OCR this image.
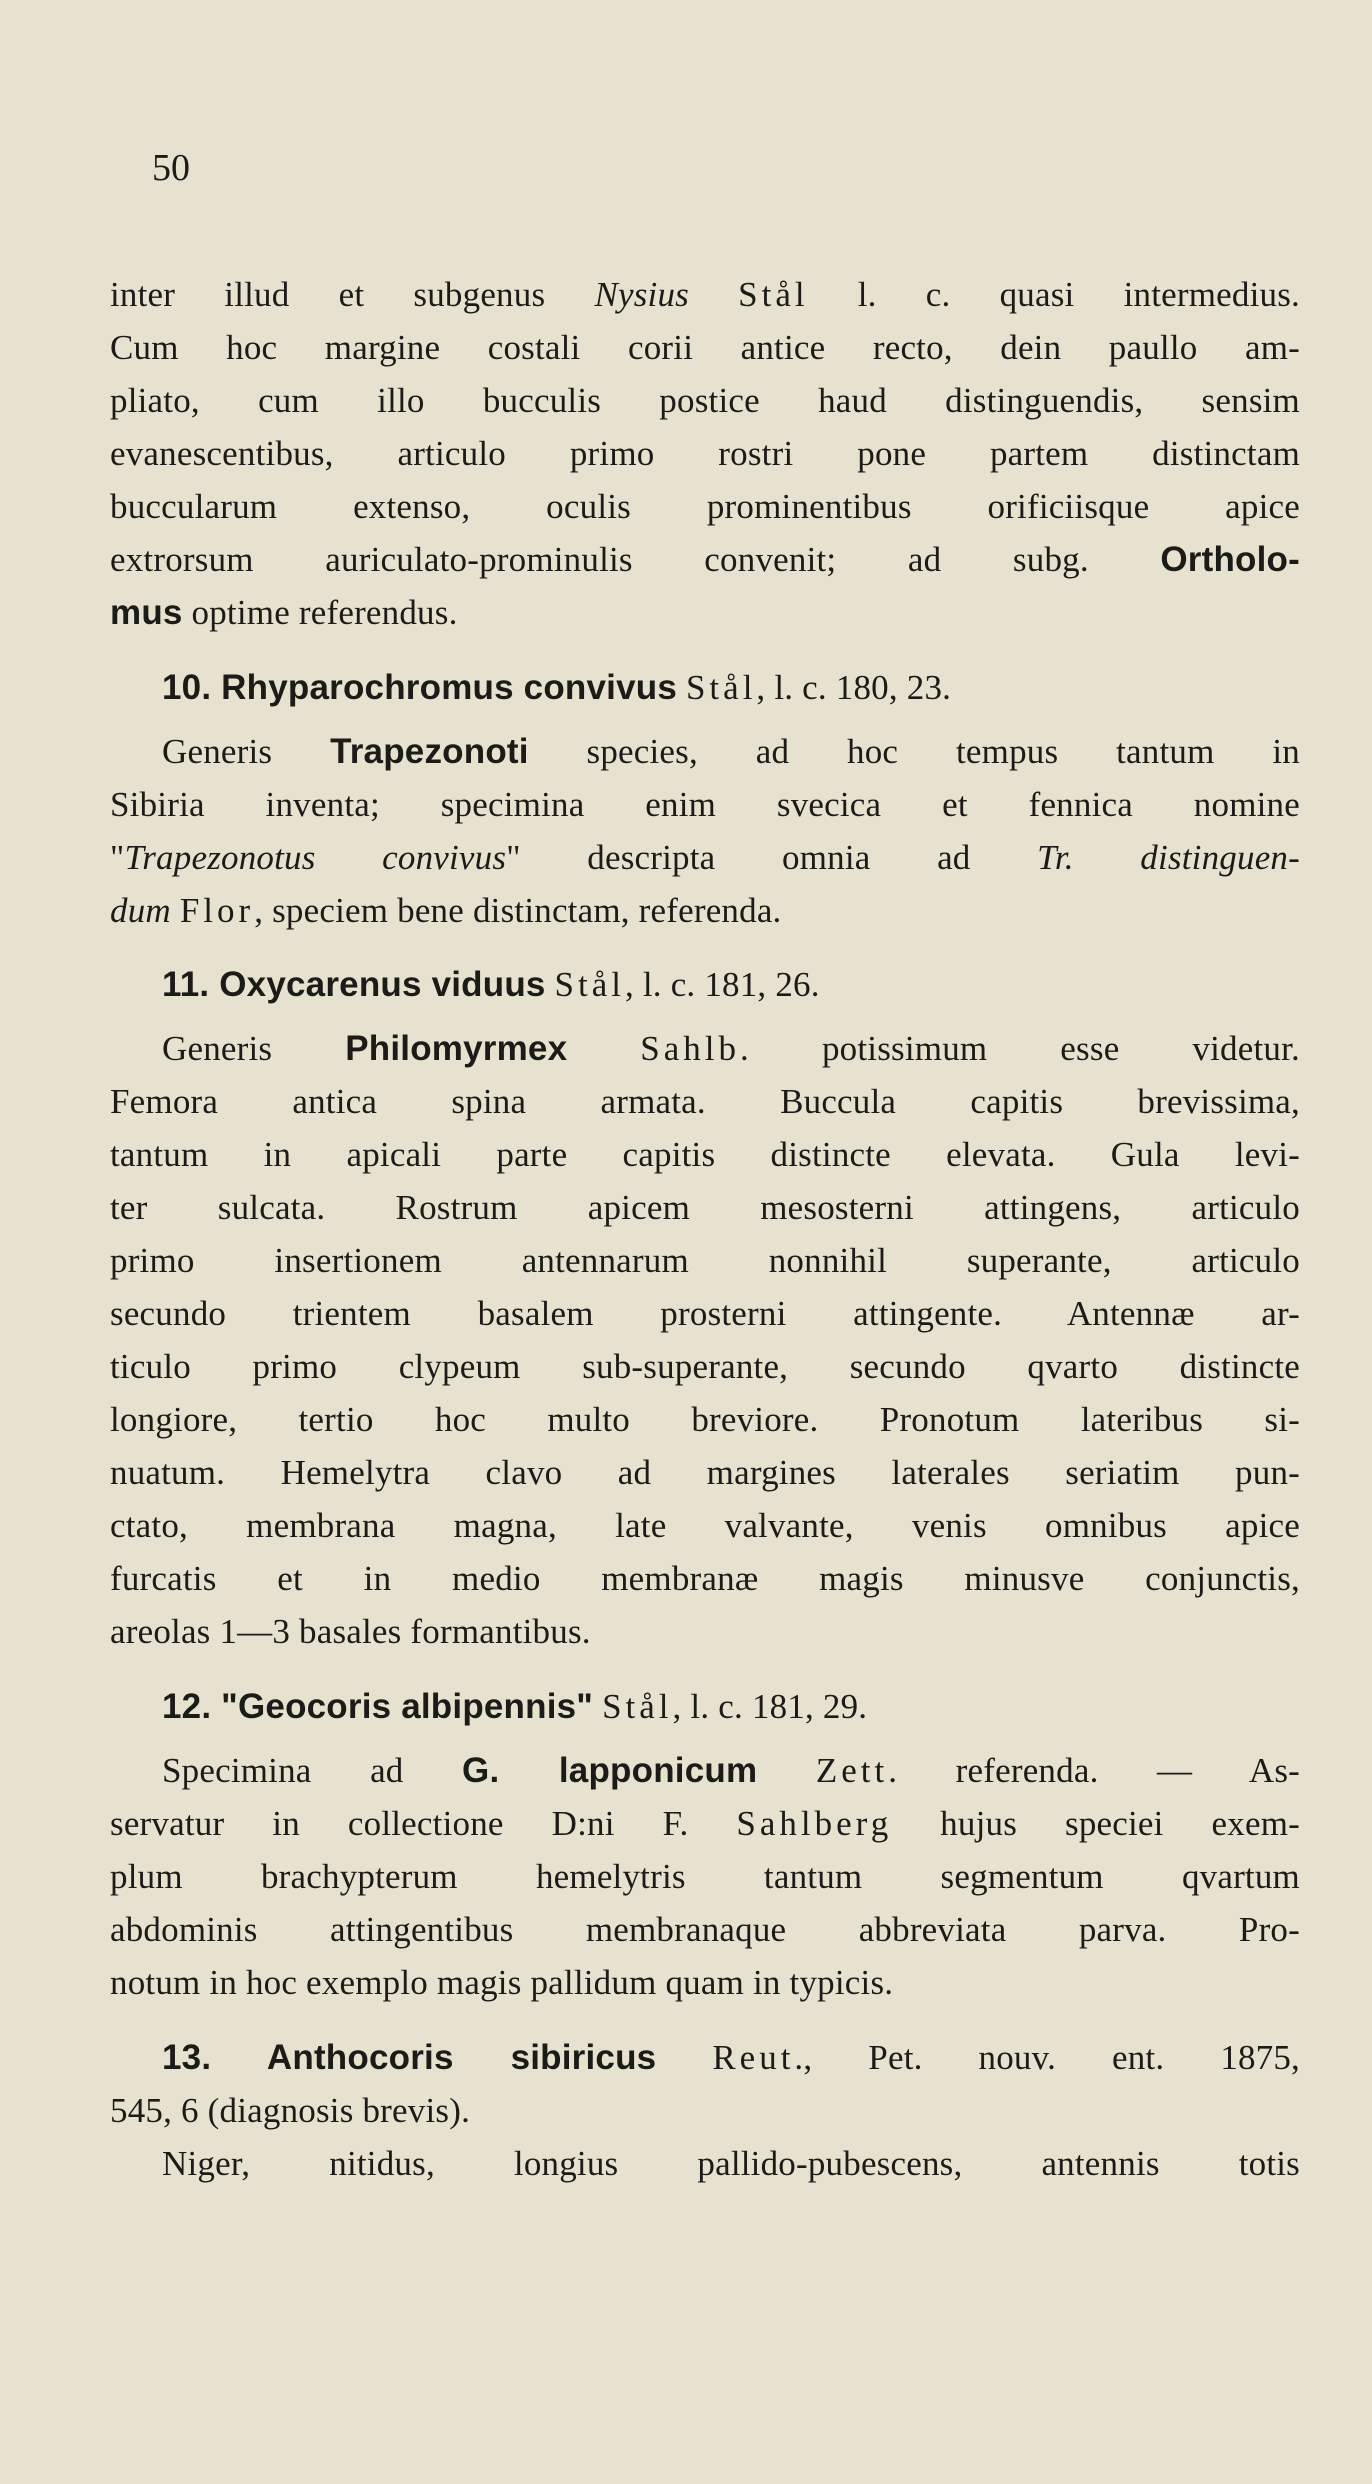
50
inter illud et subgenus Nysius Stål l. c. quasi intermedius.
Cum hoc margine costali corii antice recto, dein paullo am-
pliato, cum illo bucculis postice haud distinguendis, sensim
evanescentibus, articulo primo rostri pone partem distinctam
buccularum extenso, oculis prominentibus orificiisque apice
extrorsum auriculato-prominulis convenit; ad subg. Ortholo-
mus optime referendus.
10. Rhyparochromus convivus Stål, l. c. 180, 23.
Generis Trapezonoti species, ad hoc tempus tantum in
Sibiria inventa; specimina enim svecica et fennica nomine
"Trapezonotus convivus" descripta omnia ad Tr. distinguen-
dum Flor, speciem bene distinctam, referenda.
11. Oxycarenus viduus Stål, l. c. 181, 26.
Generis Philomyrmex Sahlb. potissimum esse videtur.
Femora antica spina armata. Buccula capitis brevissima,
tantum in apicali parte capitis distincte elevata. Gula levi-
ter sulcata. Rostrum apicem mesosterni attingens, articulo
primo insertionem antennarum nonnihil superante, articulo
secundo trientem basalem prosterni attingente. Antennæ ar-
ticulo primo clypeum sub-superante, secundo qvarto distincte
longiore, tertio hoc multo breviore. Pronotum lateribus si-
nuatum. Hemelytra clavo ad margines laterales seriatim pun-
ctato, membrana magna, late valvante, venis omnibus apice
furcatis et in medio membranæ magis minusve conjunctis,
areolas 1—3 basales formantibus.
12. "Geocoris albipennis" Stål, l. c. 181, 29.
Specimina ad G. lapponicum Zett. referenda. — As-
servatur in collectione D:ni F. Sahlberg hujus speciei exem-
plum brachypterum hemelytris tantum segmentum qvartum
abdominis attingentibus membranaque abbreviata parva. Pro-
notum in hoc exemplo magis pallidum quam in typicis.
13. Anthocoris sibiricus Reut., Pet. nouv. ent. 1875,
545, 6 (diagnosis brevis).
Niger, nitidus, longius pallido-pubescens, antennis totis
